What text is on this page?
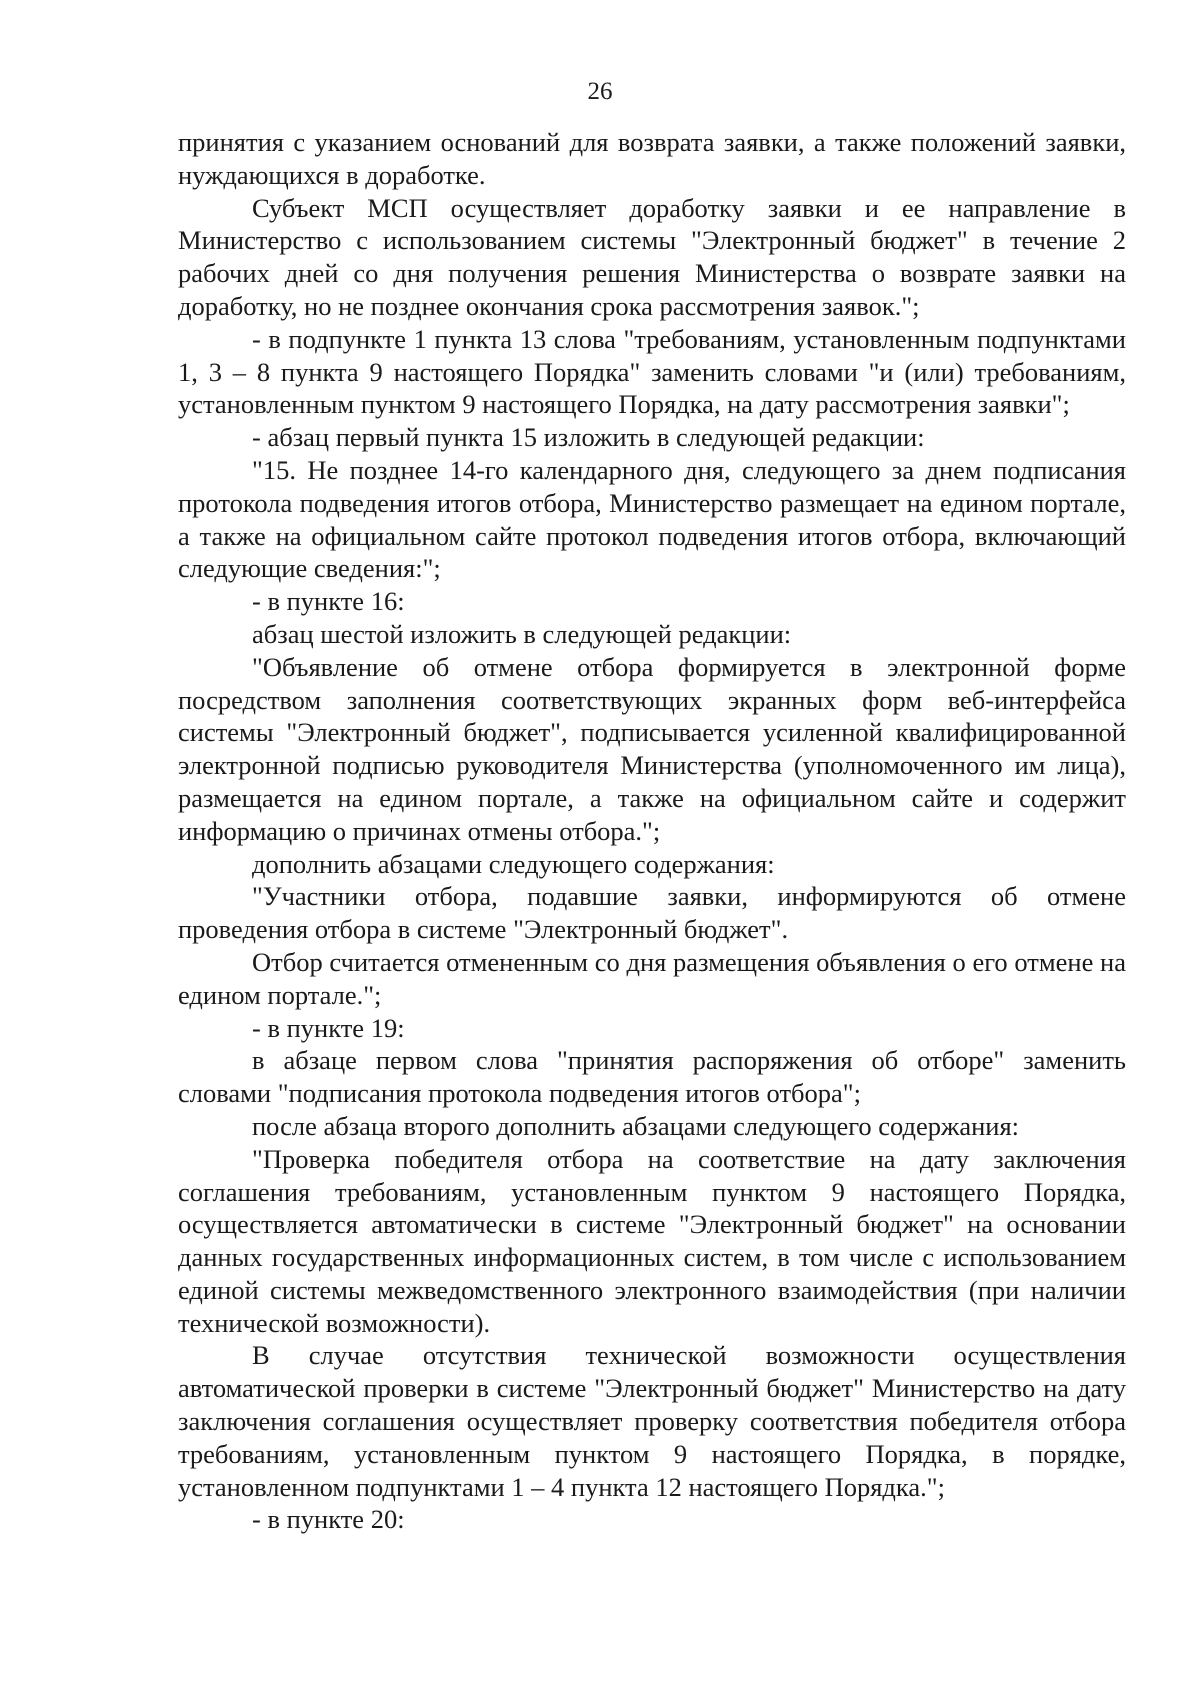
26

принятия с указанием оснований для возврата заявки, а также положений заявки, нуждающихся в доработке.

Субъект МСП осуществляет доработку заявки и ее направление в Министерство с использованием системы "Электронный бюджет" в течение 2 рабочих дней со дня получения решения Министерства о возврате заявки на доработку, но не позднее окончания срока рассмотрения заявок.";

- в подпункте 1 пункта 13 слова "требованиям, установленным подпунктами 1, 3 – 8 пункта 9 настоящего Порядка" заменить словами "и (или) требованиям, установленным пунктом 9 настоящего Порядка, на дату рассмотрения заявки";

- абзац первый пункта 15 изложить в следующей редакции:

"15. Не позднее 14-го календарного дня, следующего за днем подписания протокола подведения итогов отбора, Министерство размещает на едином портале, а также на официальном сайте протокол подведения итогов отбора, включающий следующие сведения:";

- в пункте 16:

абзац шестой изложить в следующей редакции:

"Объявление об отмене отбора формируется в электронной форме посредством заполнения соответствующих экранных форм веб-интерфейса системы "Электронный бюджет", подписывается усиленной квалифицированной электронной подписью руководителя Министерства (уполномоченного им лица), размещается на едином портале, а также на официальном сайте и содержит информацию о причинах отмены отбора.";

дополнить абзацами следующего содержания:

"Участники отбора, подавшие заявки, информируются об отмене проведения отбора в системе "Электронный бюджет".

Отбор считается отмененным со дня размещения объявления о его отмене на едином портале.";

- в пункте 19:

в абзаце первом слова "принятия распоряжения об отборе" заменить словами "подписания протокола подведения итогов отбора";

после абзаца второго дополнить абзацами следующего содержания:

"Проверка победителя отбора на соответствие на дату заключения соглашения требованиям, установленным пунктом 9 настоящего Порядка, осуществляется автоматически в системе "Электронный бюджет" на основании данных государственных информационных систем, в том числе с использованием единой системы межведомственного электронного взаимодействия (при наличии технической возможности).

В случае отсутствия технической возможности осуществления автоматической проверки в системе "Электронный бюджет" Министерство на дату заключения соглашения осуществляет проверку соответствия победителя отбора требованиям, установленным пунктом 9 настоящего Порядка, в порядке, установленном подпунктами 1 – 4 пункта 12 настоящего Порядка.";

- в пункте 20:
